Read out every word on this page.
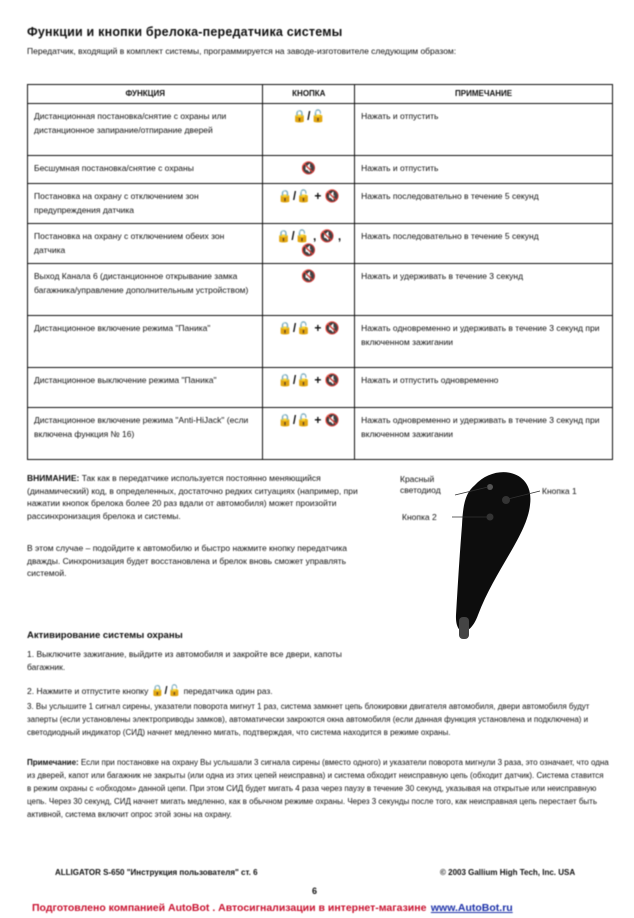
Функции и кнопки брелока-передатчика системы
Передатчик, входящий в комплект системы, программируется на заводе-изготовителе следующим образом:
ФУНКЦИЯ	КНОПКА	ПРИМЕЧАНИЕ
Дистанционная постановка/снятие с охраны или дистанционное запирание/отпирание дверей	🔒/🔓	Нажать и отпустить
Бесшумная постановка/снятие с охраны	🔇	Нажать и отпустить
Постановка на охрану с отключением зон предупреждения датчика	🔒/🔓 + 🔇	Нажать последовательно в течение 5 секунд
Постановка на охрану с отключением обеих зон датчика	🔒/🔓 , 🔇 , 🔇	Нажать последовательно в течение 5 секунд
Выход Канала 6 (дистанционное открывание замка багажника/управление дополнительным устройством)	🔇	Нажать и удерживать в течение 3 секунд
Дистанционное включение режима "Паника"	🔒/🔓 + 🔇	Нажать одновременно и удерживать в течение 3 секунд при включенном зажигании
Дистанционное выключение режима "Паника"	🔒/🔓 + 🔇	Нажать и отпустить одновременно
Дистанционное включение режима "Anti-HiJack" (если включена функция № 16)	🔒/🔓 + 🔇	Нажать одновременно и удерживать в течение 3 секунд при включенном зажигании
ВНИМАНИЕ: Так как в передатчике используется постоянно меняющийся (динамический) код, в определенных, достаточно редких ситуациях (например, при нажатии кнопок брелока более 20 раз вдали от автомобиля) может произойти рассинхронизация брелока и системы.
В этом случае – подойдите к автомобилю и быстро нажмите кнопку передатчика дважды. Синхронизация будет восстановлена и брелок вновь сможет управлять системой.
Красный светодиод	Кнопка 1
Кнопка 2
Активирование системы охраны
1. Выключите зажигание, выйдите из автомобиля и закройте все двери, капоты багажник.
2. Нажмите и отпустите кнопку 🔒/🔓 передатчика один раз.
3. Вы услышите 1 сигнал сирены, указатели поворота мигнут 1 раз, система замкнет цепь блокировки двигателя автомобиля, двери автомобиля будут заперты (если установлены электроприводы замков), автоматически закроются окна автомобиля (если данная функция установлена и подключена) и светодиодный индикатор (СИД) начнет медленно мигать, подтверждая, что система находится в режиме охраны.
Примечание: Если при постановке на охрану Вы услышали 3 сигнала сирены (вместо одного) и указатели поворота мигнули 3 раза, это означает, что одна из дверей, капот или багажник не закрыты (или одна из этих цепей неисправна) и система обходит неисправную цепь (обходит датчик). Система ставится в режим охраны с «обходом» данной цепи. При этом СИД будет мигать 4 раза через паузу в течение 30 секунд, указывая на открытые или неисправную цепь. Через 30 секунд, СИД начнет мигать медленно, как в обычном режиме охраны. Через 3 секунды после того, как неисправная цепь перестает быть активной, система включит опрос этой зоны на охрану.
ALLIGATOR S-650 "Инструкция пользователя" ст. 6	© 2003 Gallium High Tech, Inc. USA
6
Подготовлено компанией AutoBot . Автосигнализации в интернет-магазине www.AutoBot.ru
